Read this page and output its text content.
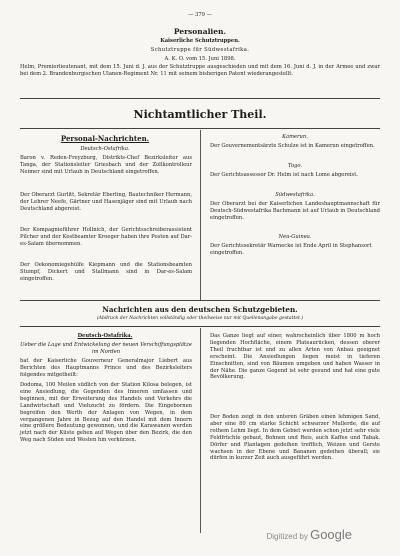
— 379 —
Personalien.
Kaiserliche Schutztruppen.
Schutztruppe für Südwestafrika.
A. K. O. vom 15. Juni 1898.
Helm, Premierlieutenant, mit dem 15. Juni d. J. aus der Schutztruppe ausgeschieden und mit dem 16. Juni d. J. in der Armee und zwar bei dem 2. Brandenburgischen Ulanen-Regiment Nr. 11 mit seinem bisherigen Patent wiederangestellt.
Nichtamtlicher Theil.
Personal-Nachrichten.
Deutsch-Ostafrika.
Baron v. Reden-Freyzburg, Distrikts-Chef Bezirksleiter aus Tanga, der Stationsleiter Griesbach und der Zollkontrolleur Neimer sind mit Urlaub in Deutschland eingetroffen.
Der Oberarzt Gurlitt, Sekretär Eberling, Bautechniker Hermann, der Lehrer Neefe, Gärtner und Hasenjäger sind mit Urlaub nach Deutschland abgereist.
Der Kompagnieführer Hollnich, der Gerichtsschreiberassistent Pilcher und der Kostbeamter Kroeger haben ihre Posten auf Dar-es-Salam übernommen.
Der Oekonomiegehülfe Kiepmann und die Stationsbeamten Stumpf, Dickert und Stallmann sind in Dar-es-Salam eingetroffen.
Kamerun.
Der Gouvernementsärzte Schulze ist in Kamerun eingetroffen.
Togo.
Der Gerichtsassessor Dr. Helm ist nach Lome abgereist.
Südwestafrika.
Der Oberarzt bei der Kaiserlichen Landeshauptmannschaft für Deutsch-Südwestafrika Bachmann ist auf Urlaub in Deutschland eingetroffen.
Neu-Guinea.
Der Gerichtssekretär Warnecke ist Ende April in Stephansort eingetroffen.
Nachrichten aus den deutschen Schutzgebieten.
(Abdruck der Nachrichten vollständig oder theilweise nur mit Quellenangabe gestattet.)
Deutsch-Ostafrika.
Ueber die Lage und Entwickelung der neuen Verschiffungsplätze im Norden
hat der Kaiserliche Gouverneur Generalmajor Liebert aus Berichten des Hauptmanns Prince und des Bezirksleiters folgendes mitgetheilt:
Dodoma, 100 Meilen südlich von der Station Kilosa belegen, ist eine Ansiedlung, die Gegenden des Inneren umfassen und beginnen, mit der Erweiterung des Handels und Verkehrs die Landwirtschaft und Viehzucht zu fördern. Die Eingebornen begreifen den Werth der Anlagen von Wegen, in dem vergangenen Jahre in Bezug auf den Handel mit dem Innern eine größere Bedeutung gewonnen, und die Karawanen werden jetzt nach der Küste gehen auf Wegen über den Bezirk, die den Weg nach Süden und Westen hin verkürzen.
Das Ganze liegt auf einer, wahrscheinlich über 1800 m hoch liegenden Hochfläche, einem Plateaurücken, dessen oberer Theil fruchtbar ist und zu allen Arten von Anbau geeignet erscheint. Die Ansiedlungen liegen meist in tieferen Einschnitten, sind von Bäumen umgeben und haben Wasser in der Nähe. Die ganze Gegend ist sehr gesund und hat eine gute Bevölkerung.
Der Boden zeigt in den unteren Gräben einen lehmigen Sand, aber eine 80 cm starke Schicht schwarzer Mullerde, die auf rothem Lehm liegt. In dem Gebiet werden schon jetzt sehr viele Feldfrüchte gebaut, Bohnen und Reis, auch Kaffee und Tabak. Dörfer und Plantagen gedeihen trefflich, Weizen und Gerste wachsen in der Ebene und Bananen gedeihen überall; sie dürfen in kurzer Zeit auch ausgeführt werden.
Digitized by Google
